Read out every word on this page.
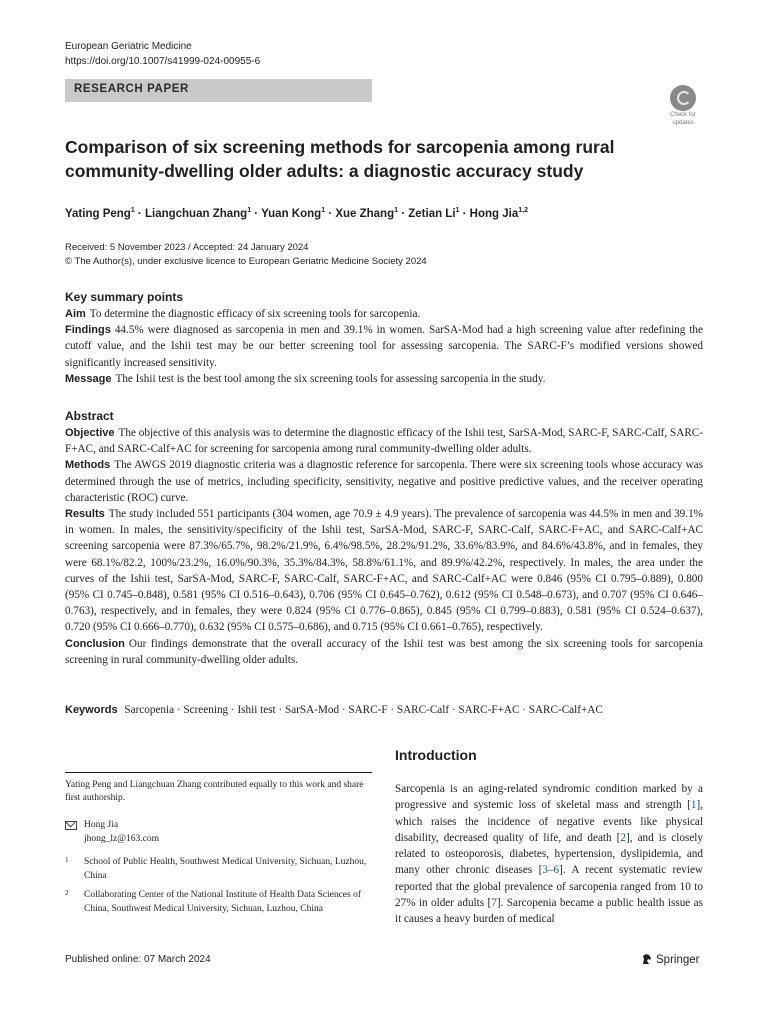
European Geriatric Medicine
https://doi.org/10.1007/s41999-024-00955-6
RESEARCH PAPER
Check for
updates
Comparison of six screening methods for sarcopenia among rural community-dwelling older adults: a diagnostic accuracy study
Yating Peng$^1$ · Liangchuan Zhang$^1$ · Yuan Kong$^1$ · Xue Zhang$^1$ · Zetian $Li^1$ · Hong Jia$^{1,2}$
Received: 5 November 2023 / Accepted: 24 January 2024
© The Author(s), under exclusive licence to European Geriatric Medicine Society 2024
Key summary points
Aim To determine the diagnostic efficacy of six screening tools for sarcopenia.
Findings 44.5% were diagnosed as sarcopenia in men and 39.1% in women. SarSA-Mod had a high screening value after redefining the cutoff value, and the Ishii test may be our better screening tool for assessing sarcopenia. The SARC-F’s modified versions showed significantly increased sensitivity.
Message The Ishii test is the best tool among the six screening tools for assessing sarcopenia in the study.
Abstract
Objective The objective of this analysis was to determine the diagnostic efficacy of the Ishii test, SarSA-Mod, SARC-F, SARC-Calf, SARC-F+AC, and SARC-Calf+AC for screening for sarcopenia among rural community-dwelling older adults.
Methods The AWGS 2019 diagnostic criteria was a diagnostic reference for sarcopenia. There were six screening tools whose accuracy was determined through the use of metrics, including specificity, sensitivity, negative and positive predictive values, and the receiver operating characteristic (ROC) curve.
Results The study included 551 participants (304 women, age 70.9 ± 4.9 years). The prevalence of sarcopenia was 44.5% in men and 39.1% in women. In males, the sensitivity/specificity of the Ishii test, SarSA-Mod, SARC-F, SARC-Calf, SARC-F+AC, and SARC-Calf+AC screening sarcopenia were 87.3%/65.7%, 98.2%/21.9%, 6.4%/98.5%, 28.2%/91.2%, 33.6%/83.9%, and 84.6%/43.8%, and in females, they were 68.1%/82.2, 100%/23.2%, 16.0%/90.3%, 35.3%/84.3%, 58.8%/61.1%, and 89.9%/42.2%, respectively. In males, the area under the curves of the Ishii test, SarSA-Mod, SARC-F, SARC-Calf, SARC-F+AC, and SARC-Calf+AC were 0.846 (95% CI 0.795–0.889), 0.800 (95% CI 0.745–0.848), 0.581 (95% CI 0.516–0.643), 0.706 (95% CI 0.645–0.762), 0.612 (95% CI 0.548–0.673), and 0.707 (95% CI 0.646–0.763), respectively, and in females, they were 0.824 (95% CI 0.776–0.865), 0.845 (95% CI 0.799–0.883), 0.581 (95% CI 0.524–0.637), 0.720 (95% CI 0.666–0.770), 0.632 (95% CI 0.575–0.686), and 0.715 (95% CI 0.661–0.765), respectively.
Conclusion Our findings demonstrate that the overall accuracy of the Ishii test was best among the six screening tools for sarcopenia screening in rural community-dwelling older adults.
Keywords Sarcopenia · Screening · Ishii test · SarSA-Mod · SARC-F · SARC-Calf · SARC-F+AC · SARC-Calf+AC
Introduction
Sarcopenia is an aging-related syndromic condition marked by a progressive and systemic loss of skeletal mass and strength [1], which raises the incidence of negative events like physical disability, decreased quality of life, and death [2], and is closely related to osteoporosis, diabetes, hypertension, dyslipidemia, and many other chronic diseases [3–6]. A recent systematic review reported that the global prevalence of sarcopenia ranged from 10 to 27% in older adults [7]. Sarcopenia became a public health issue as it causes a heavy burden of medical
Yating Peng and Liangchuan Zhang contributed equally to this work and share first authorship.
Hong Jia
jhong_lz@163.com
1 School of Public Health, Southwest Medical University, Sichuan, Luzhou, China
2 Collaborating Center of the National Institute of Health Data Sciences of China, Southwest Medical University, Sichuan, Luzhou, China
Published online: 07 March 2024	Springer
